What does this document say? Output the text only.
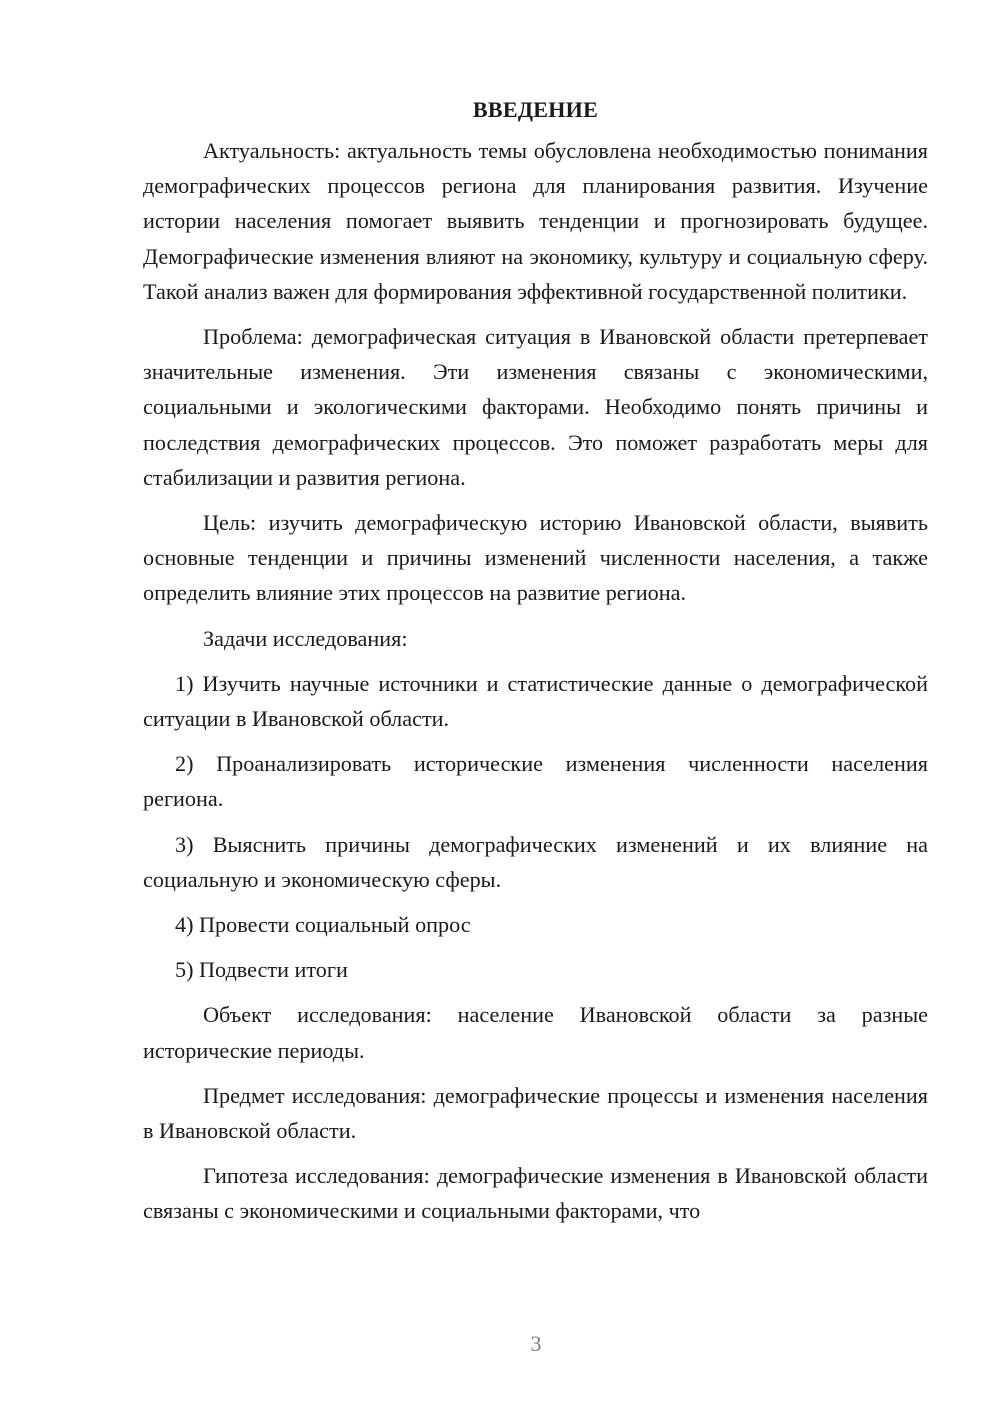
ВВЕДЕНИЕ

Актуальность: актуальность темы обусловлена необходимостью понимания демографических процессов региона для планирования развития. Изучение истории населения помогает выявить тенденции и прогнозировать будущее. Демографические изменения влияют на экономику, культуру и социальную сферу. Такой анализ важен для формирования эффективной государственной политики.

Проблема: демографическая ситуация в Ивановской области претерпевает значительные изменения. Эти изменения связаны с экономическими, социальными и экологическими факторами. Необходимо понять причины и последствия демографических процессов. Это поможет разработать меры для стабилизации и развития региона.

Цель: изучить демографическую историю Ивановской области, выявить основные тенденции и причины изменений численности населения, а также определить влияние этих процессов на развитие региона.

Задачи исследования:

1) Изучить научные источники и статистические данные о демографической ситуации в Ивановской области.

2) Проанализировать исторические изменения численности населения региона.

3) Выяснить причины демографических изменений и их влияние на социальную и экономическую сферы.

4) Провести социальный опрос

5) Подвести итоги

Объект исследования: население Ивановской области за разные исторические периоды.

Предмет исследования: демографические процессы и изменения населения в Ивановской области.

Гипотеза исследования: демографические изменения в Ивановской области связаны с экономическими и социальными факторами, что

3
